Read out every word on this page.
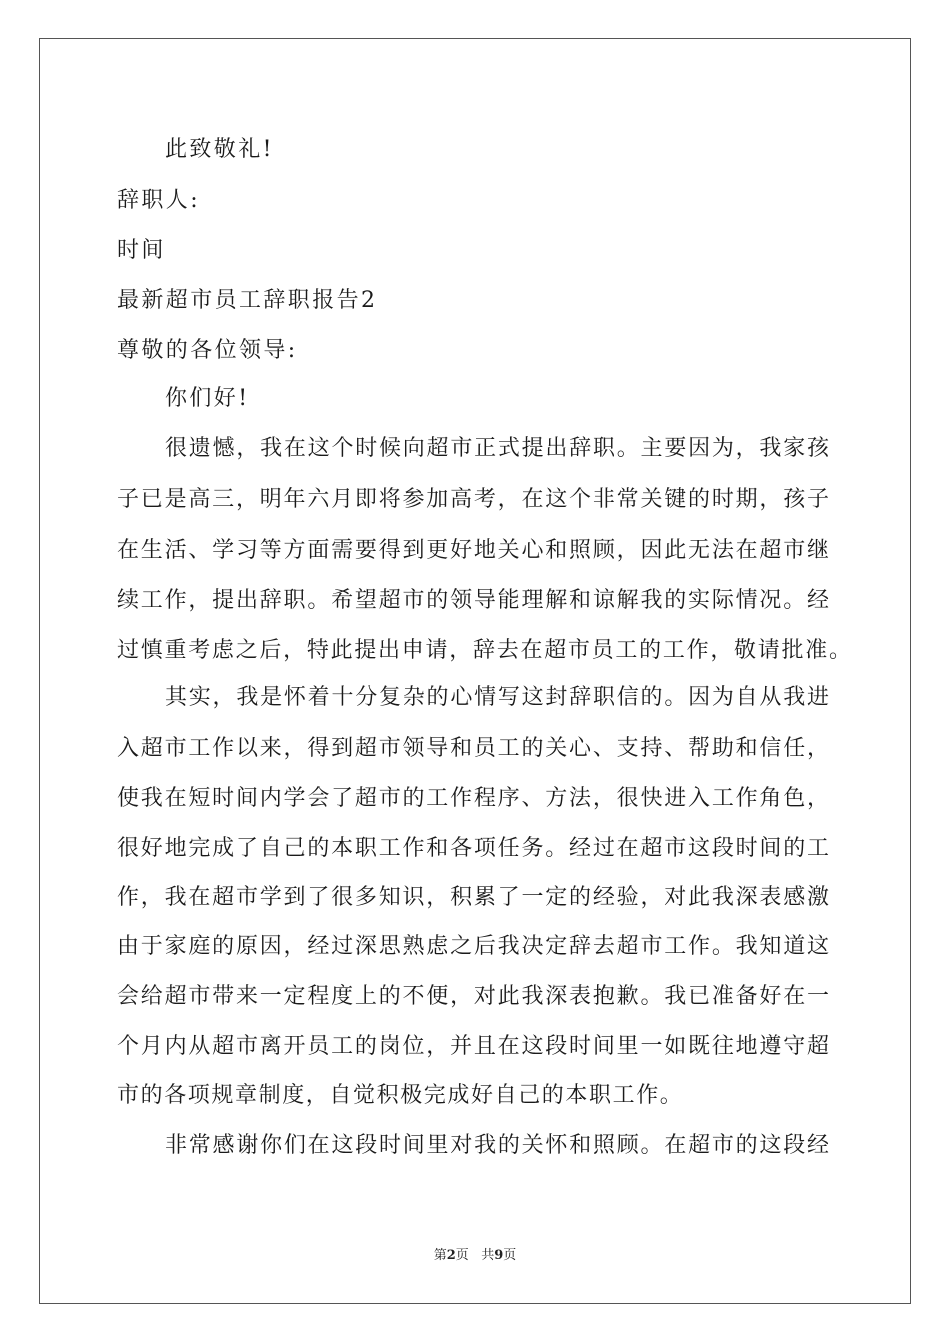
此致敬礼!
辞职人:
时间
最新超市员工辞职报告2
尊敬的各位领导:
你们好!
很遗憾，我在这个时候向超市正式提出辞职。主要因为，我家孩
子已是高三，明年六月即将参加高考，在这个非常关键的时期，孩子
在生活、学习等方面需要得到更好地关心和照顾，因此无法在超市继
续工作，提出辞职。希望超市的领导能理解和谅解我的实际情况。经
过慎重考虑之后，特此提出申请，辞去在超市员工的工作，敬请批准。
其实，我是怀着十分复杂的心情写这封辞职信的。因为自从我进
入超市工作以来，得到超市领导和员工的关心、支持、帮助和信任，
使我在短时间内学会了超市的工作程序、方法，很快进入工作角色，
很好地完成了自己的本职工作和各项任务。经过在超市这段时间的工
作，我在超市学到了很多知识，积累了一定的经验，对此我深表感激
由于家庭的原因，经过深思熟虑之后我决定辞去超市工作。我知道这
会给超市带来一定程度上的不便，对此我深表抱歉。我已准备好在一
个月内从超市离开员工的岗位，并且在这段时间里一如既往地遵守超
市的各项规章制度，自觉积极完成好自己的本职工作。
非常感谢你们在这段时间里对我的关怀和照顾。在超市的这段经
第2页   共9页
